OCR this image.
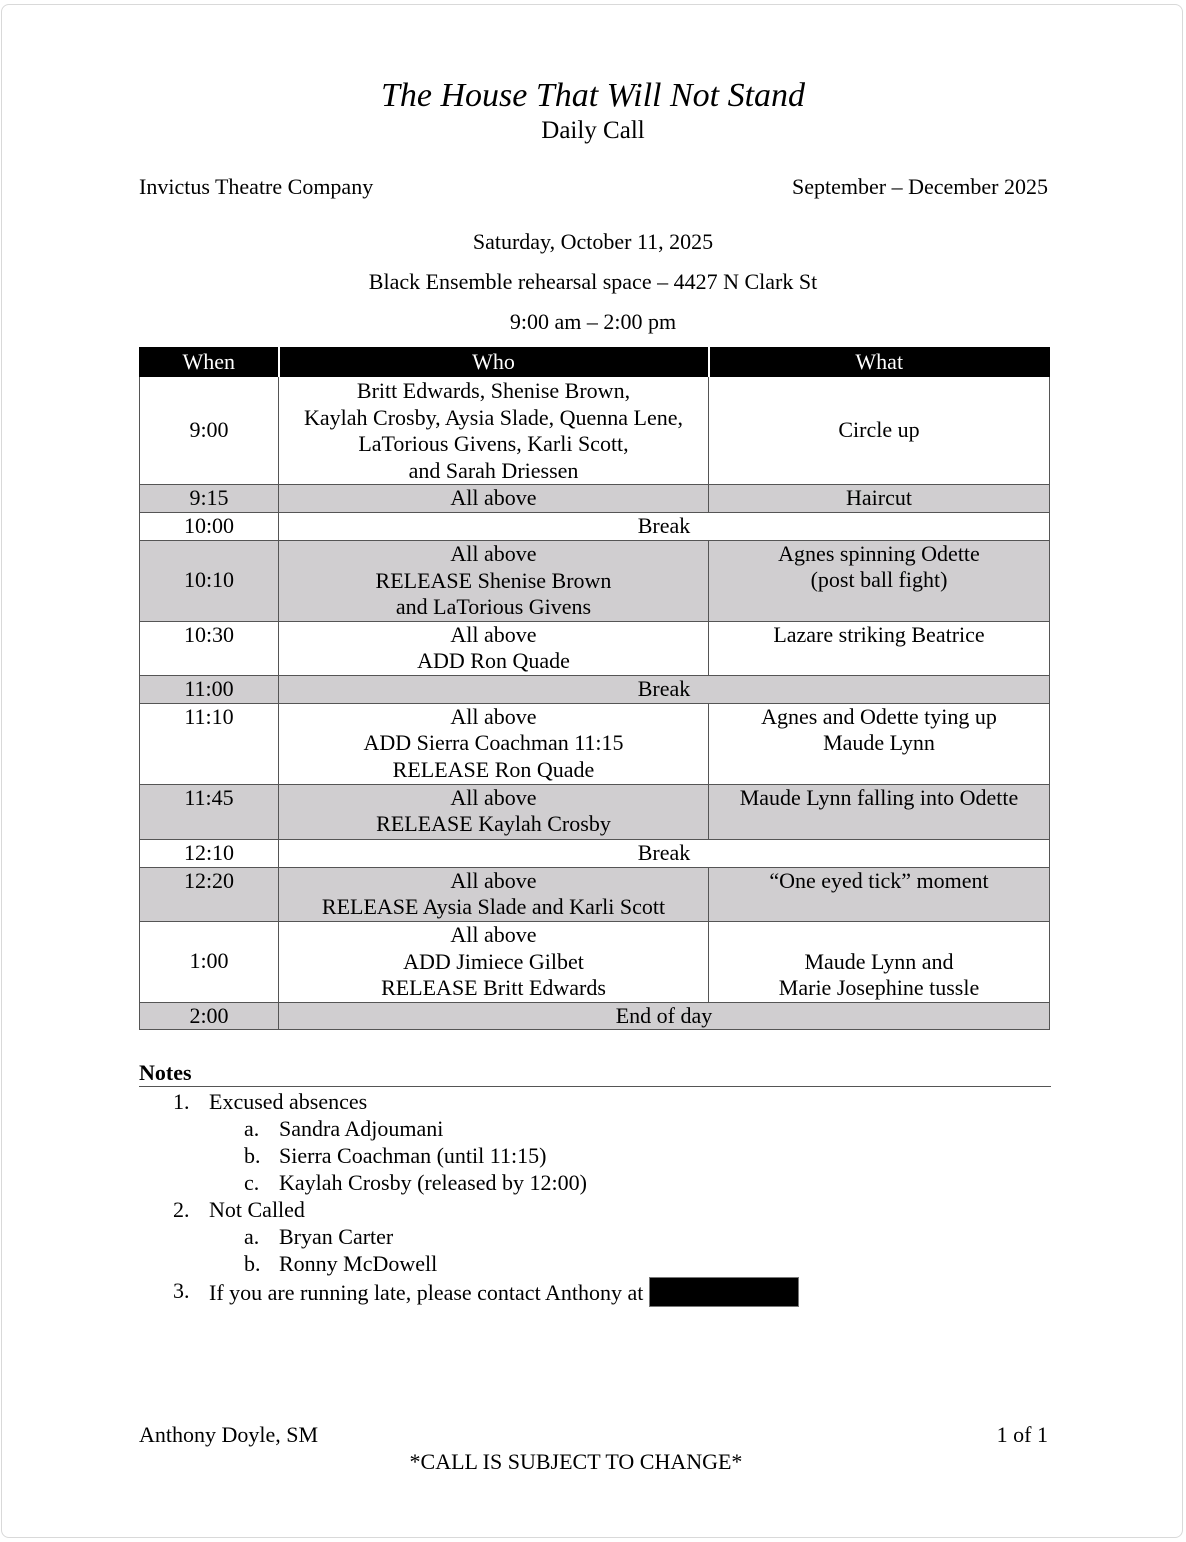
The House That Will Not Stand
Daily Call
Invictus Theatre Company	September – December 2025
Saturday, October 11, 2025
Black Ensemble rehearsal space – 4427 N Clark St
9:00 am – 2:00 pm
When	Who	What
9:00	Britt Edwards, Shenise Brown,
Kaylah Crosby, Aysia Slade, Quenna Lene,
LaTorious Givens, Karli Scott,
and Sarah Driessen	Circle up

9:15	All above	Haircut
10:00	Break	
10:10	All above
RELEASE Shenise Brown
and LaTorious Givens	Agnes spinning Odette
(post ball fight)

10:30	All above
ADD Ron Quade	Lazare striking Beatrice

11:00	Break	
11:10	All above
ADD Sierra Coachman 11:15
RELEASE Ron Quade	Agnes and Odette tying up
Maude Lynn

11:45	All above
RELEASE Kaylah Crosby	Maude Lynn falling into Odette

12:10	Break	
12:20	All above
RELEASE Aysia Slade and Karli Scott	“One eyed tick” moment

1:00	All above
ADD Jimiece Gilbet
RELEASE Britt Edwards	Maude Lynn and
Marie Josephine tussle

2:00	End of day	
Notes
1. Excused absences
a. Sandra Adjoumani
b. Sierra Coachman (until 11:15)
c. Kaylah Crosby (released by 12:00)
2. Not Called
a. Bryan Carter
b. Ronny McDowell
3. If you are running late, please contact Anthony at
Anthony Doyle, SM	1 of 1
*CALL IS SUBJECT TO CHANGE*
